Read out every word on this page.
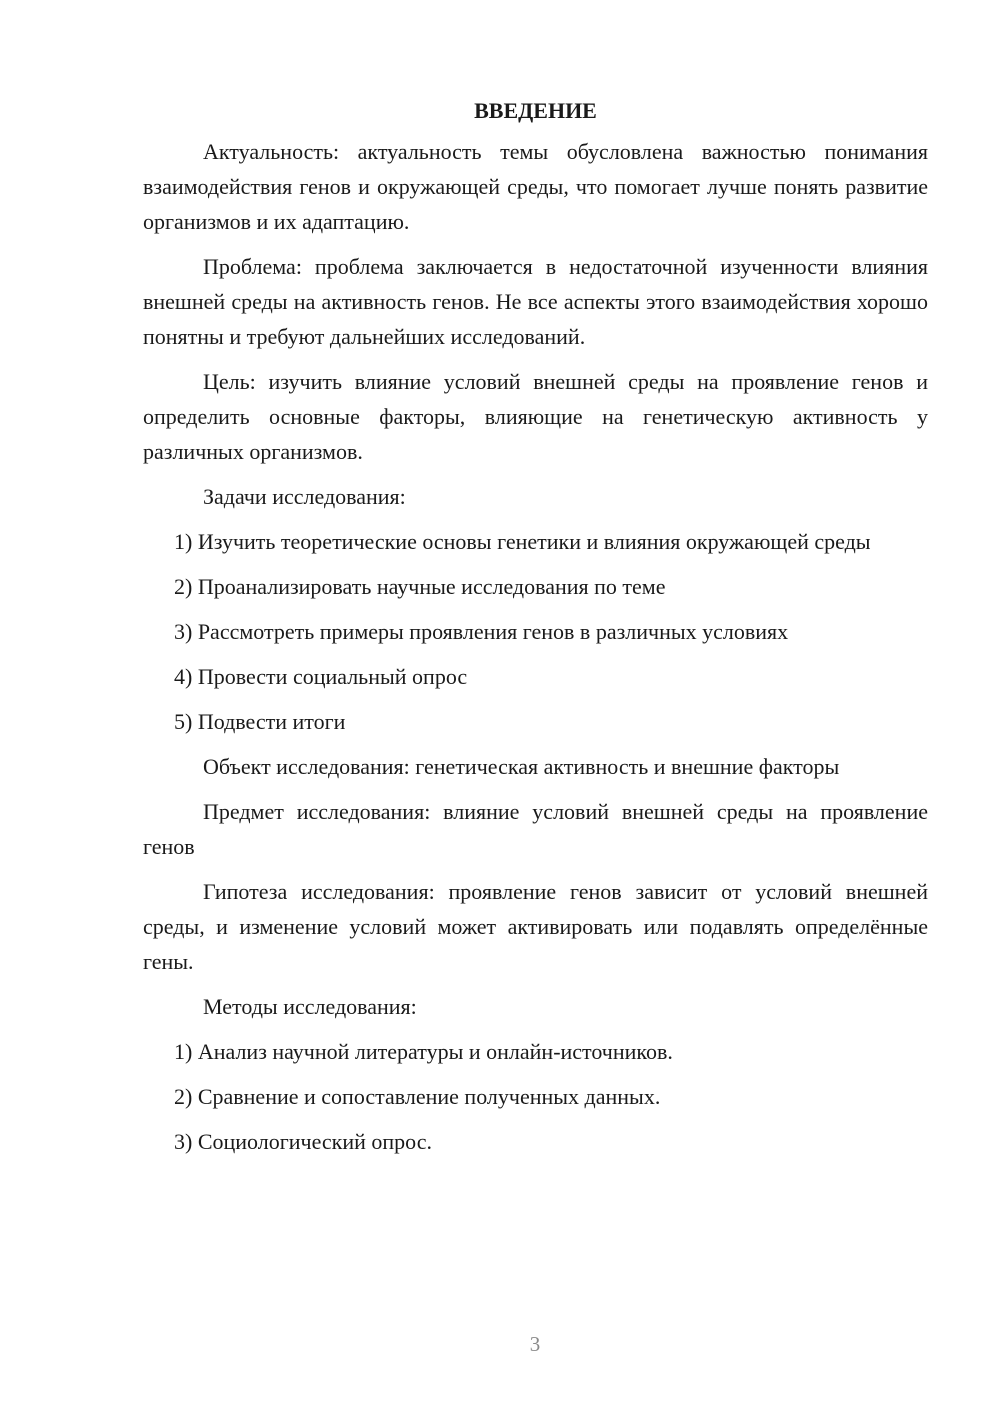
ВВЕДЕНИЕ

Актуальность: актуальность темы обусловлена важностью понимания взаимодействия генов и окружающей среды, что помогает лучше понять развитие организмов и их адаптацию.

Проблема: проблема заключается в недостаточной изученности влияния внешней среды на активность генов. Не все аспекты этого взаимодействия хорошо понятны и требуют дальнейших исследований.

Цель: изучить влияние условий внешней среды на проявление генов и определить основные факторы, влияющие на генетическую активность у различных организмов.

Задачи исследования:

1) Изучить теоретические основы генетики и влияния окружающей среды

2) Проанализировать научные исследования по теме

3) Рассмотреть примеры проявления генов в различных условиях

4) Провести социальный опрос

5) Подвести итоги

Объект исследования: генетическая активность и внешние факторы

Предмет исследования: влияние условий внешней среды на проявление генов

Гипотеза исследования: проявление генов зависит от условий внешней среды, и изменение условий может активировать или подавлять определённые гены.

Методы исследования:

1) Анализ научной литературы и онлайн-источников.

2) Сравнение и сопоставление полученных данных.

3) Социологический опрос.

3
